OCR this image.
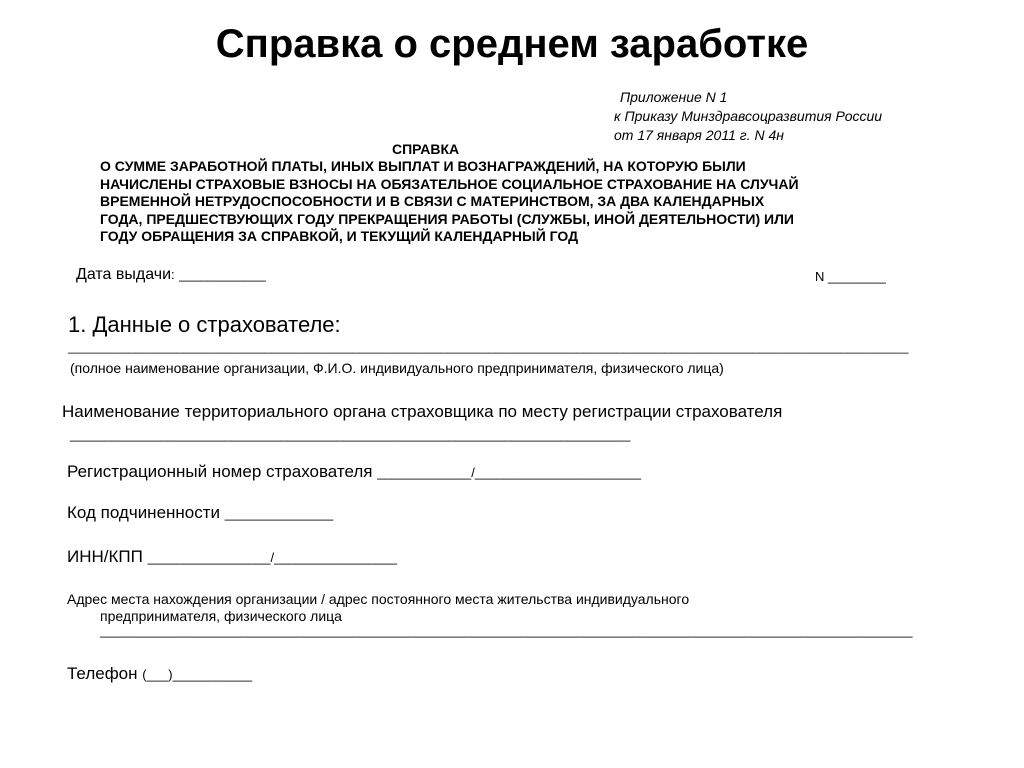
Справка о среднем заработке
Приложение N 1
к Приказу Минздравсоцразвития России
от 17 января 2011 г. N 4н
СПРАВКА
О СУММЕ ЗАРАБОТНОЙ ПЛАТЫ, ИНЫХ ВЫПЛАТ И ВОЗНАГРАЖДЕНИЙ, НА КОТОРУЮ БЫЛИ
НАЧИСЛЕНЫ СТРАХОВЫЕ ВЗНОСЫ НА ОБЯЗАТЕЛЬНОЕ СОЦИАЛЬНОЕ СТРАХОВАНИЕ НА СЛУЧАЙ
ВРЕМЕННОЙ НЕТРУДОСПОСОБНОСТИ И В СВЯЗИ С МАТЕРИНСТВОМ, ЗА ДВА КАЛЕНДАРНЫХ
ГОДА, ПРЕДШЕСТВУЮЩИХ ГОДУ ПРЕКРАЩЕНИЯ РАБОТЫ (СЛУЖБЫ, ИНОЙ ДЕЯТЕЛЬНОСТИ) ИЛИ
ГОДУ ОБРАЩЕНИЯ ЗА СПРАВКОЙ, И ТЕКУЩИЙ КАЛЕНДАРНЫЙ ГОД
Дата выдачи: ____________	N ________
1. Данные о страхователе:
____________________________________________________________________________________________________________________________
(полное наименование организации, Ф.И.О. индивидуального предпринимателя, физического лица)
Наименование территориального органа страховщика по месту регистрации страхователя
________________________________________________________________________________
Регистрационный номер страхователя _____________/_______________________
Код подчиненности _______________
ИНН/КПП _________________/_________________
Адрес места нахождения организации / адрес постоянного места жительства индивидуального
предпринимателя, физического лица
____________________________________________________________________________________________________________________
Телефон (___)___________
